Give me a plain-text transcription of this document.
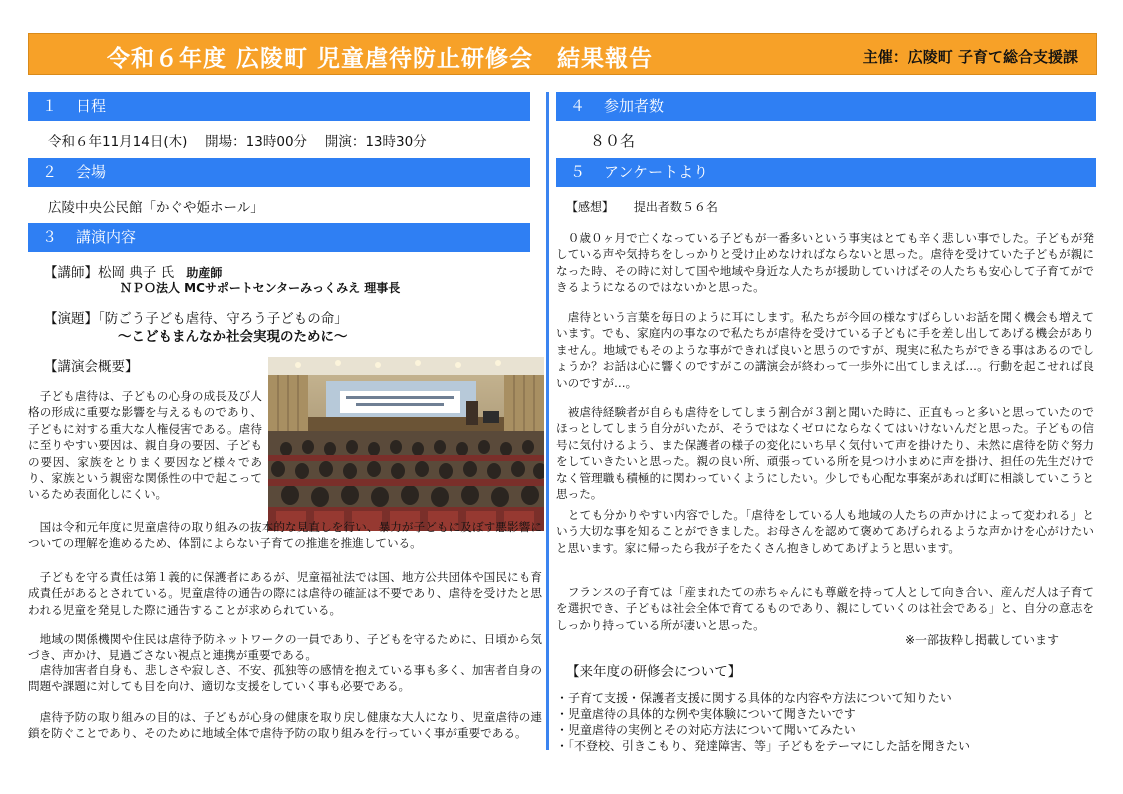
令和６年度 広陵町 児童虐待防止研修会　結果報告	主催：広陵町 子育て総合支援課
１ 日程
令和６年11月14日(木)　 開場：13時00分　 開演：13時30分
２ 会場
広陵中央公民館「かぐや姫ホール」
３ 講演内容
【講師】松岡 典子 氏 助産師
ＮＰＯ法人 MCサポートセンターみっくみえ 理事長
【演題】「防ごう子ども虐待、守ろう子どもの命」
～こどもまんなか社会実現のために～
【講演会概要】
　子ども虐待は、子どもの心身の成長及び人格の形成に重要な影響を与えるものであり、子どもに対する重大な人権侵害である。虐待に至りやすい要因は、親自身の要因、子どもの要因、家族をとりまく要因など様々であり、家族という親密な関係性の中で起こっているため表面化しにくい。
　国は令和元年度に児童虐待の取り組みの抜本的な見直しを行い、暴力が子どもに及ぼす悪影響についての理解を進めるため、体罰によらない子育ての推進を推進している。
　子どもを守る責任は第１義的に保護者にあるが、児童福祉法では国、地方公共団体や国民にも育成責任があるとされている。児童虐待の通告の際には虐待の確証は不要であり、虐待を受けたと思われる児童を発見した際に通告することが求められている。
　地域の関係機関や住民は虐待予防ネットワークの一員であり、子どもを守るために、日頃から気づき、声かけ、見過ごさない視点と連携が重要である。
　虐待加害者自身も、悲しさや寂しさ、不安、孤独等の感情を抱えている事も多く、加害者自身の問題や課題に対しても目を向け、適切な支援をしていく事も必要である。
　虐待予防の取り組みの目的は、子どもが心身の健康を取り戻し健康な大人になり、児童虐待の連鎖を防ぐことであり、そのために地域全体で虐待予防の取り組みを行っていく事が重要である。
４ 参加者数
８０名
５ アンケートより
【感想】 提出者数５６名
　０歳０ヶ月で亡くなっている子どもが一番多いという事実はとても辛く悲しい事でした。子どもが発している声や気持ちをしっかりと受け止めなければならないと思った。虐待を受けていた子どもが親になった時、その時に対して国や地域や身近な人たちが援助していけばその人たちも安心して子育てができるようになるのではないかと思った。
　虐待という言葉を毎日のように耳にします。私たちが今回の様なすばらしいお話を聞く機会も増えています。でも、家庭内の事なので私たちが虐待を受けている子どもに手を差し出してあげる機会がありません。地域でもそのような事ができれば良いと思うのですが、現実に私たちができる事はあるのでしょうか？お話は心に響くのですがこの講演会が終わって一歩外に出てしまえば…。行動を起こせれば良いのですが…。
　被虐待経験者が自らも虐待をしてしまう割合が３割と聞いた時に、正直もっと多いと思っていたのでほっとしてしまう自分がいたが、そうではなくゼロにならなくてはいけないんだと思った。子どもの信号に気付けるよう、また保護者の様子の変化にいち早く気付いて声を掛けたり、未然に虐待を防ぐ努力をしていきたいと思った。親の良い所、頑張っている所を見つけ小まめに声を掛け、担任の先生だけでなく管理職も積極的に関わっていくようにしたい。少しでも心配な事案があれば町に相談していこうと思った。
　とても分かりやすい内容でした。「虐待をしている人も地域の人たちの声かけによって変われる」という大切な事を知ることができました。お母さんを認めて褒めてあげられるような声かけを心がけたいと思います。家に帰ったら我が子をたくさん抱きしめてあげようと思います。
　フランスの子育ては「産まれたての赤ちゃんにも尊厳を持って人として向き合い、産んだ人は子育てを選択でき、子どもは社会全体で育てるものであり、親にしていくのは社会である」と、自分の意志をしっかり持っている所が凄いと思った。
※一部抜粋し掲載しています
【来年度の研修会について】
・子育て支援・保護者支援に関する具体的な内容や方法について知りたい
・児童虐待の具体的な例や実体験について聞きたいです
・児童虐待の実例とその対応方法について聞いてみたい
・「不登校、引きこもり、発達障害、等」子どもをテーマにした話を聞きたい
